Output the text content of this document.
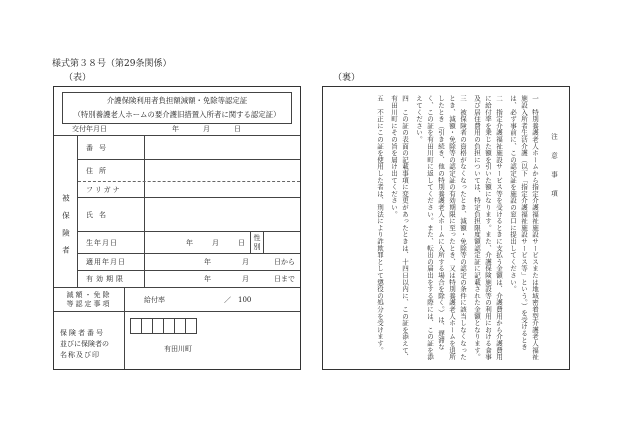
様式第３８号（第29条関係）
（表）	（裏）
介護保険利用者負担額減額・免除等認定証
（特別養護老人ホームの要介護旧措置入所者に関する認定証）
交付年月日	年	月	日
被保険者
番号
住所
フリガナ
氏名
生年月日	年	月	日
性別
適用年月日	年	月	日から
有効期限	年	月	日まで
減額・免除
等認定事項
給付率	／　100
保険者番号
並びに保険者の
名称及び印
有田川町
注　意　事　項

一　特別養護老人ホームから指定介護福祉施設サービスまたは地域密着型介護老人福祉施設入所者生活介護（以下「指定介護福祉施設サービス等」という。）を受けるときは、必ず事前に、この認定証を施設の窓口に提出してください。

二　指定介護福祉施設サービス等を受けるときに支払う金額は、介護費用から介護費用に給付率を乗じた額を引いた額になります。また、介護保険施設等の利用における食事及び居住費用の負担については、特定負担限度額認定証に記載された金額となります。

三　被保険者の資格がなくなったとき、減額・免除等の認定の条件に該当しなくなったとき、減額・免除等の認定証の有効期限に至ったとき、又は特別養護老人ホームを退所したとき（引き続き、他の特別養護老人ホームに入所する場合を除く。）は、遅滞なく、この証を有田川町に返してください。また、転出の届出をする際には、この証を添えてください。

四　この証の表面の記載事項に変更があったときは、十四日以内に、この証を添えて、有田川町にその旨を届け出てください。

五　不正にこの証を使用した者は、刑法により詐欺罪として懲役の処分を受けます。
